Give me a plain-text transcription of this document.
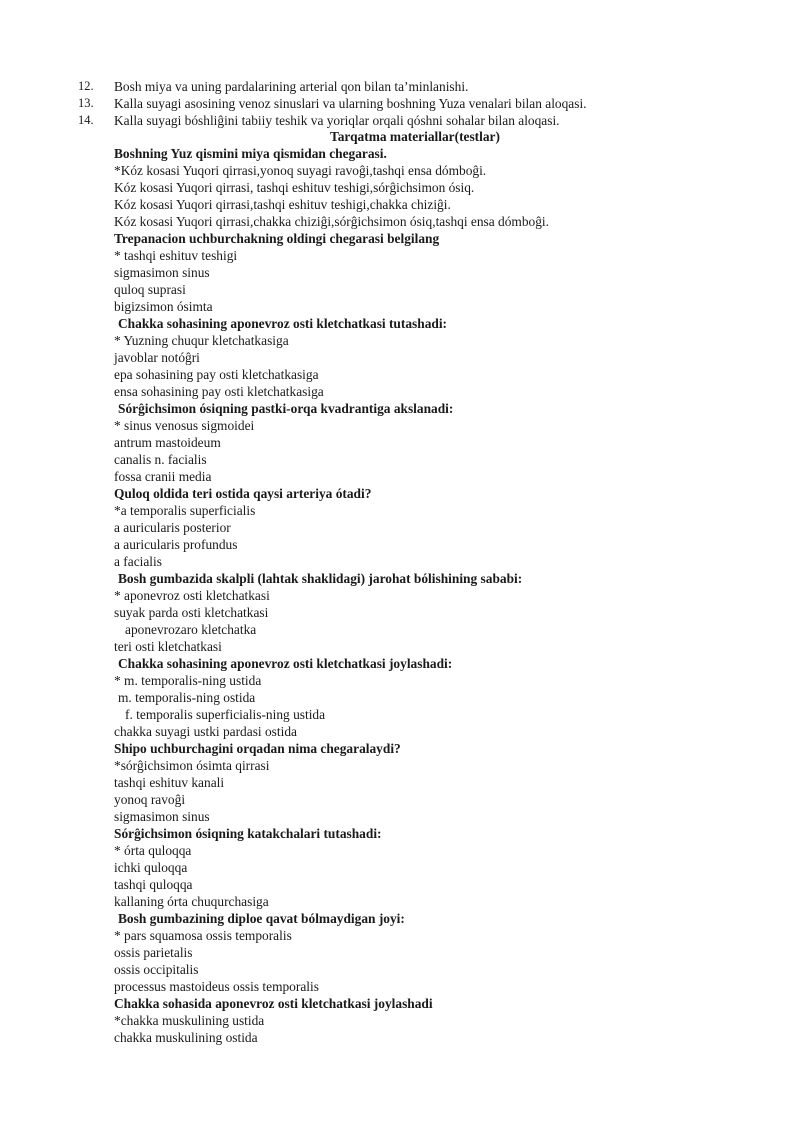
12. Bosh miya va uning pardalarining arterial qon bilan ta’minlanishi.
13. Kalla suyagi asosining venoz sinuslari va ularning boshning Yuza venalari bilan aloqasi.
14. Kalla suyagi bóshliĝini tabiiy teshik va yoriqlar orqali qóshni sohalar bilan aloqasi.
Tarqatma materiallar(testlar)
Boshning Yuz qismini miya qismidan chegarasi.
*Kóz kosasi Yuqori qirrasi,yonoq suyagi ravoĝi,tashqi ensa dómboĝi.
Kóz kosasi Yuqori qirrasi, tashqi eshituv teshigi,sórĝichsimon ósiq.
Kóz kosasi Yuqori qirrasi,tashqi eshituv teshigi,chakka chiziĝi.
Kóz kosasi Yuqori qirrasi,chakka chiziĝi,sórĝichsimon ósiq,tashqi ensa dómboĝi.
Trepanacion uchburchakning oldingi chegarasi belgilang
* tashqi eshituv teshigi
sigmasimon sinus
quloq suprasi
bigizsimon ósimta
Chakka sohasining aponevroz osti kletchatkasi tutashadi:
* Yuzning chuqur kletchatkasiga
javoblar notóĝri
epa sohasining pay osti kletchatkasiga
ensa sohasining pay osti kletchatkasiga
Sórĝichsimon ósiqning pastki-orqa kvadrantiga akslanadi:
* sinus venosus sigmoidei
antrum mastoideum
canalis n. facialis
fossa cranii media
Quloq oldida teri ostida qaysi arteriya ótadi?
*a temporalis superficialis
a auricularis posterior
a auricularis profundus
a facialis
Bosh gumbazida skalpli (lahtak shaklidagi) jarohat bólishining sababi:
* aponevroz osti kletchatkasi
suyak parda osti kletchatkasi
aponevrozaro kletchatka
teri osti kletchatkasi
Chakka sohasining aponevroz osti kletchatkasi joylashadi:
* m. temporalis-ning ustida
m. temporalis-ning ostida
f. temporalis superficialis-ning ustida
chakka suyagi ustki pardasi ostida
Shipo uchburchagini orqadan nima chegaralaydi?
*sórĝichsimon ósimta qirrasi
tashqi eshituv kanali
yonoq ravoĝi
sigmasimon sinus
Sórĝichsimon ósiqning katakchalari tutashadi:
* órta quloqqa
ichki quloqqa
tashqi quloqqa
kallaning órta chuqurchasiga
Bosh gumbazining diploe qavat bólmaydigan joyi:
* pars squamosa ossis temporalis
ossis parietalis
ossis occipitalis
processus mastoideus ossis temporalis
Chakka sohasida aponevroz osti kletchatkasi joylashadi
*chakka muskulining ustida
chakka muskulining ostida
